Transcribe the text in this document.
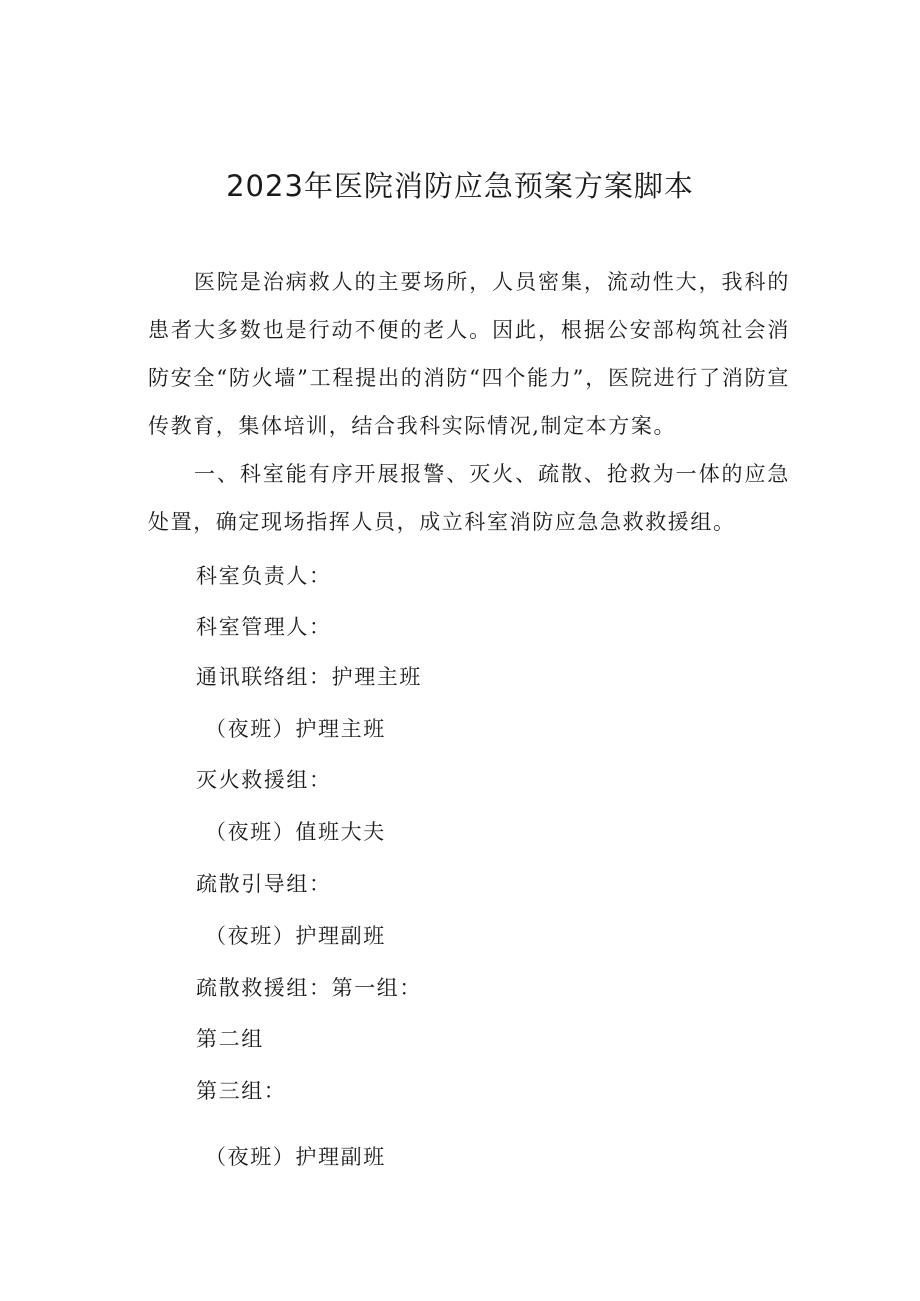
2023年医院消防应急预案方案脚本

医院是治病救人的主要场所，人员密集，流动性大，我科的患者大多数也是行动不便的老人。因此，根据公安部构筑社会消防安全“防火墙”工程提出的消防“四个能力”，医院进行了消防宣传教育，集体培训，结合我科实际情况,制定本方案。

一、科室能有序开展报警、灭火、疏散、抢救为一体的应急处置，确定现场指挥人员，成立科室消防应急急救救援组。

科室负责人：
科室管理人：
通讯联络组：护理主班
（夜班）护理主班
灭火救援组：
（夜班）值班大夫
疏散引导组：
（夜班）护理副班
疏散救援组：第一组：
第二组
第三组：
（夜班）护理副班
